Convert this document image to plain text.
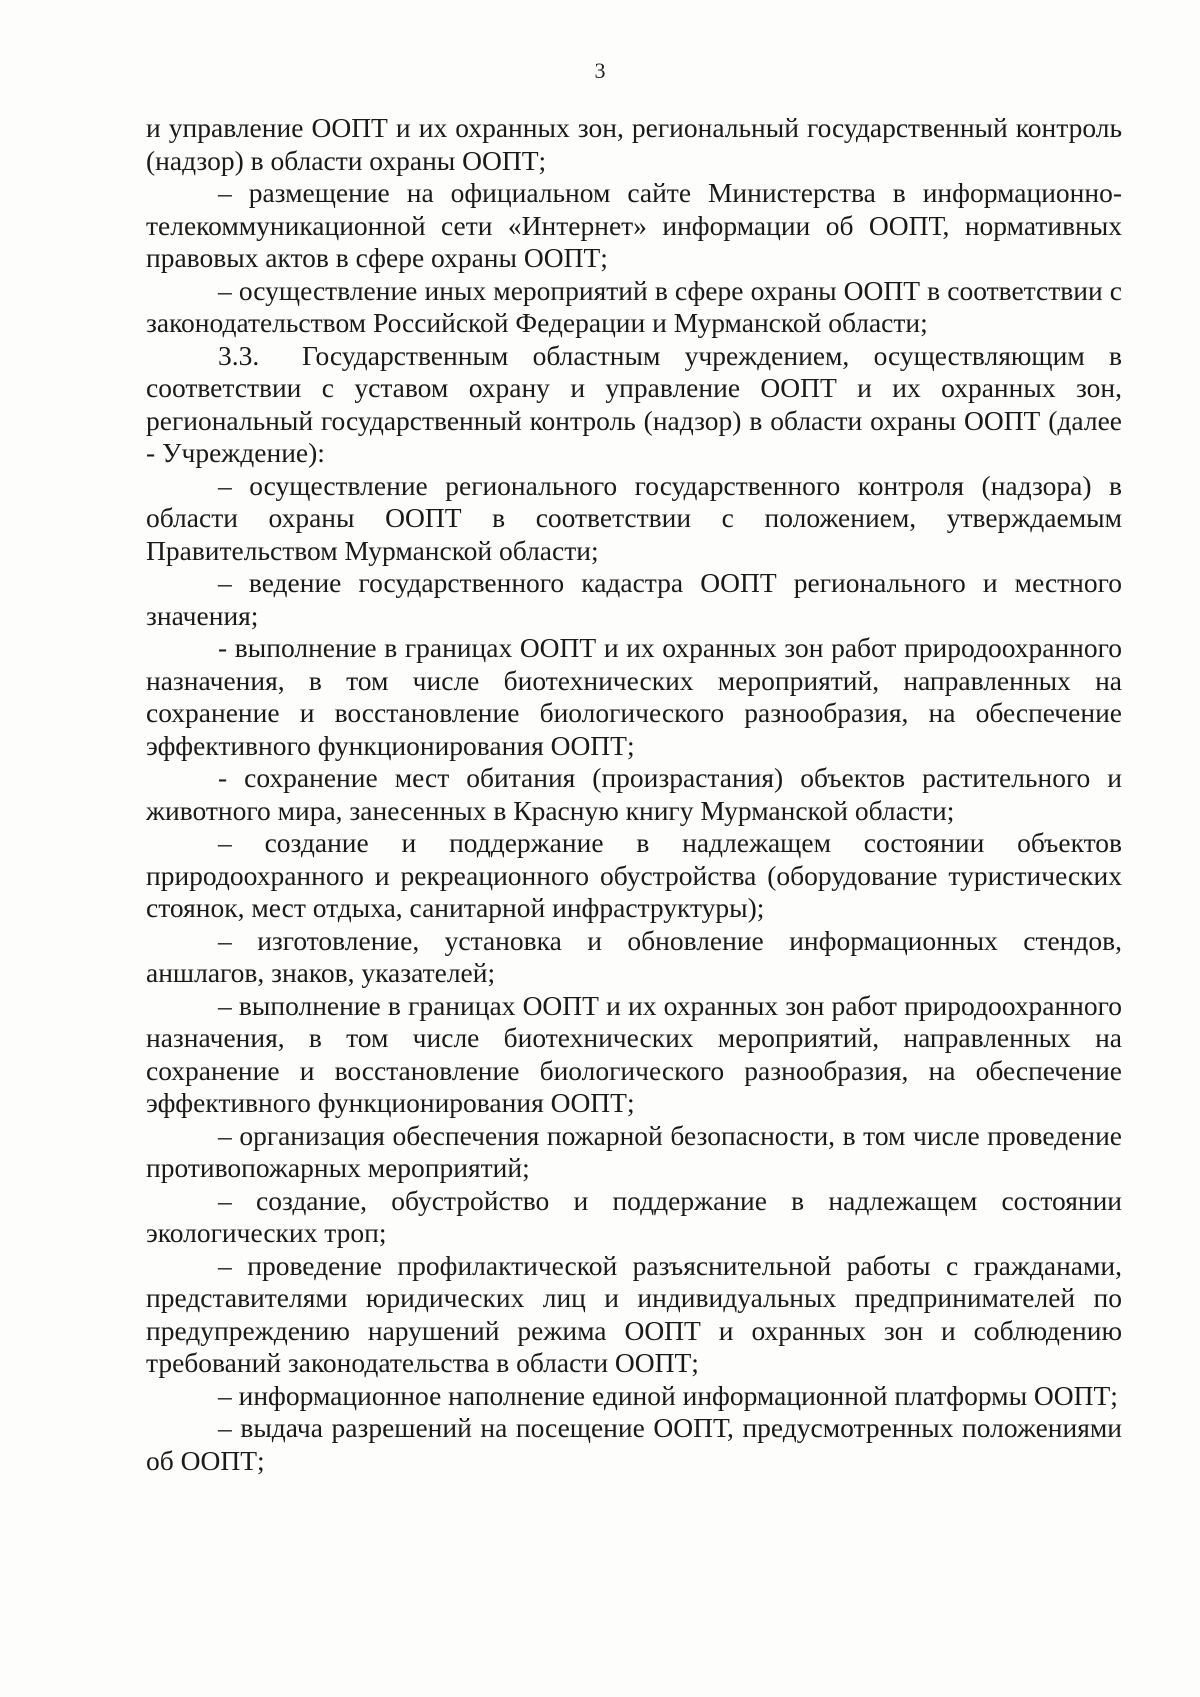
3

и управление ООПТ и их охранных зон, региональный государственный контроль (надзор) в области охраны ООПТ;

– размещение на официальном сайте Министерства в информационно-телекоммуникационной сети «Интернет» информации об ООПТ, нормативных правовых актов в сфере охраны ООПТ;

– осуществление иных мероприятий в сфере охраны ООПТ в соответствии с законодательством Российской Федерации и Мурманской области;

3.3. Государственным областным учреждением, осуществляющим в соответствии с уставом охрану и управление ООПТ и их охранных зон, региональный государственный контроль (надзор) в области охраны ООПТ (далее - Учреждение):

– осуществление регионального государственного контроля (надзора) в области охраны ООПТ в соответствии с положением, утверждаемым Правительством Мурманской области;

– ведение государственного кадастра ООПТ регионального и местного значения;

- выполнение в границах ООПТ и их охранных зон работ природоохранного назначения, в том числе биотехнических мероприятий, направленных на сохранение и восстановление биологического разнообразия, на обеспечение эффективного функционирования ООПТ;

- сохранение мест обитания (произрастания) объектов растительного и животного мира, занесенных в Красную книгу Мурманской области;

– создание и поддержание в надлежащем состоянии объектов природоохранного и рекреационного обустройства (оборудование туристических стоянок, мест отдыха, санитарной инфраструктуры);

– изготовление, установка и обновление информационных стендов, аншлагов, знаков, указателей;

– выполнение в границах ООПТ и их охранных зон работ природоохранного назначения, в том числе биотехнических мероприятий, направленных на сохранение и восстановление биологического разнообразия, на обеспечение эффективного функционирования ООПТ;

– организация обеспечения пожарной безопасности, в том числе проведение противопожарных мероприятий;

– создание, обустройство и поддержание в надлежащем состоянии экологических троп;

– проведение профилактической разъяснительной работы с гражданами, представителями юридических лиц и индивидуальных предпринимателей по предупреждению нарушений режима ООПТ и охранных зон и соблюдению требований законодательства в области ООПТ;

– информационное наполнение единой информационной платформы ООПТ;

– выдача разрешений на посещение ООПТ, предусмотренных положениями об ООПТ;
